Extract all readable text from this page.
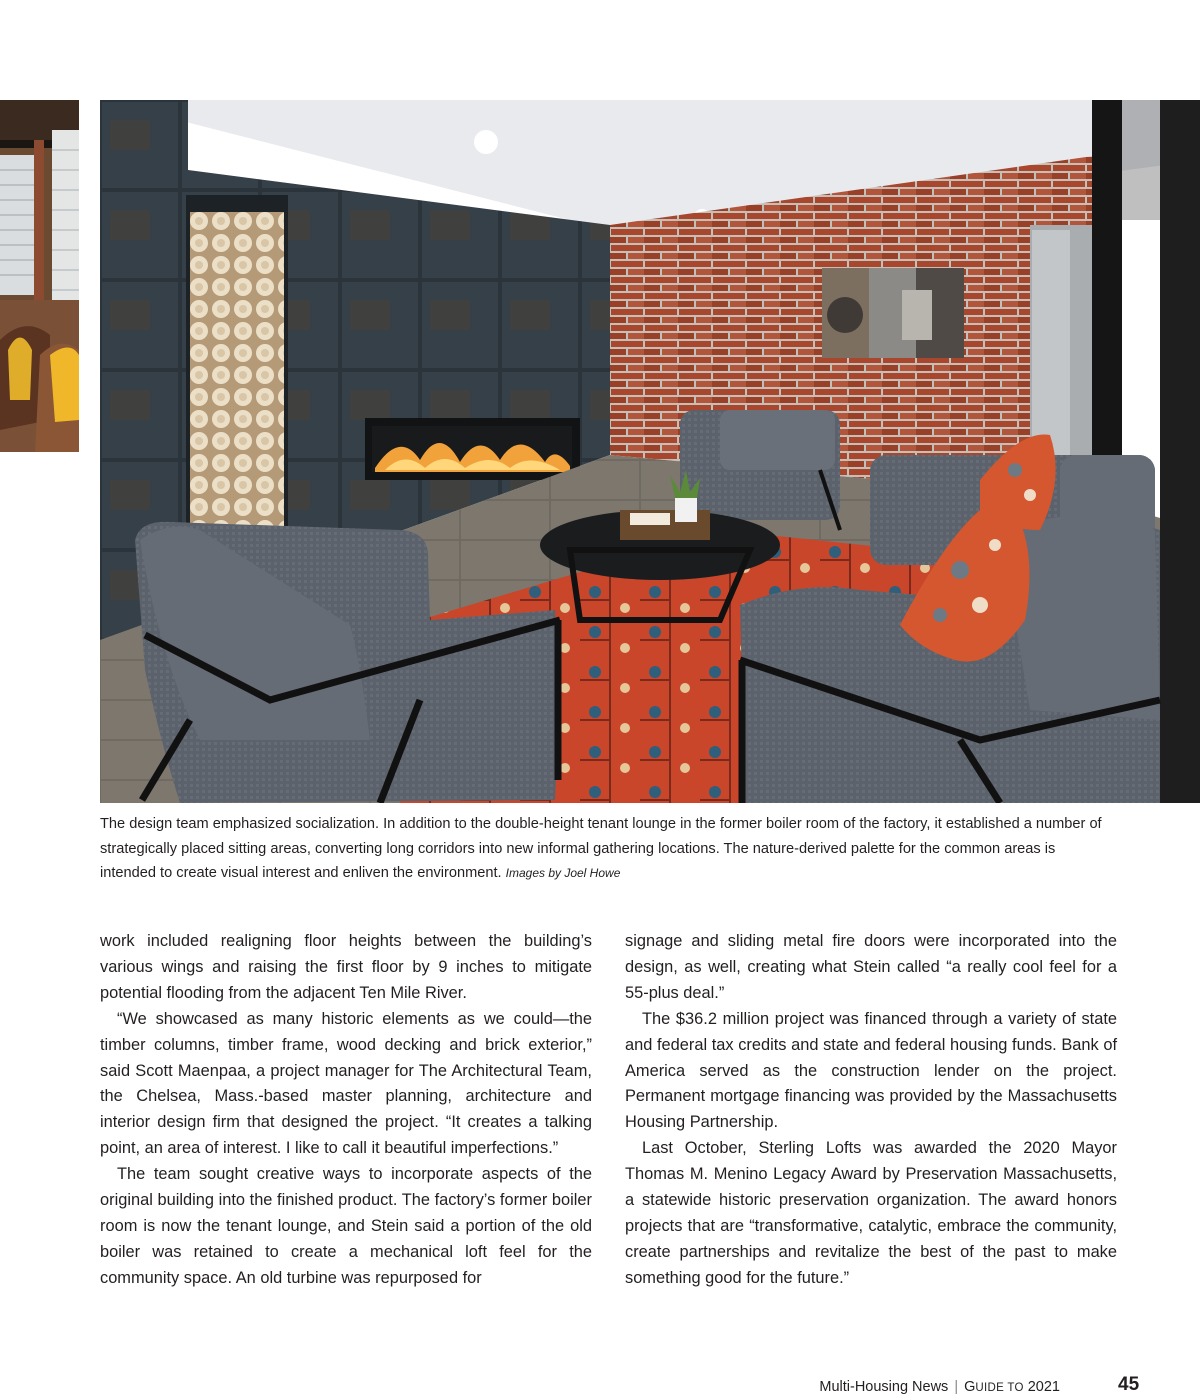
The design team emphasized socialization. In addition to the double-height tenant lounge in the former boiler room of the factory, it established a number of strategically placed sitting areas, converting long corridors into new informal gathering locations. The nature-derived palette for the common areas is intended to create visual interest and enliven the environment. Images by Joel Howe

work included realigning floor heights between the building’s various wings and raising the first floor by 9 inches to mitigate potential flooding from the adjacent Ten Mile River.

“We showcased as many historic elements as we could—the timber columns, timber frame, wood decking and brick exterior,” said Scott Maenpaa, a project manager for The Architectural Team, the Chelsea, Mass.-based master planning, architecture and interior design firm that designed the project. “It creates a talking point, an area of interest. I like to call it beautiful imperfections.”

The team sought creative ways to incorporate aspects of the original building into the finished product. The factory’s former boiler room is now the tenant lounge, and Stein said a portion of the old boiler was retained to create a mechanical loft feel for the community space. An old turbine was repurposed for

signage and sliding metal fire doors were incorporated into the design, as well, creating what Stein called “a really cool feel for a 55-plus deal.”

The $36.2 million project was financed through a variety of state and federal tax credits and state and federal housing funds. Bank of America served as the construction lender on the project. Permanent mortgage financing was provided by the Massachusetts Housing Partnership.

Last October, Sterling Lofts was awarded the 2020 Mayor Thomas M. Menino Legacy Award by Preservation Massachusetts, a statewide historic preservation organization. The award honors projects that are “transformative, catalytic, embrace the community, create partnerships and revitalize the best of the past to make something good for the future.”

Multi-Housing News | GUIDE TO 2021	45
